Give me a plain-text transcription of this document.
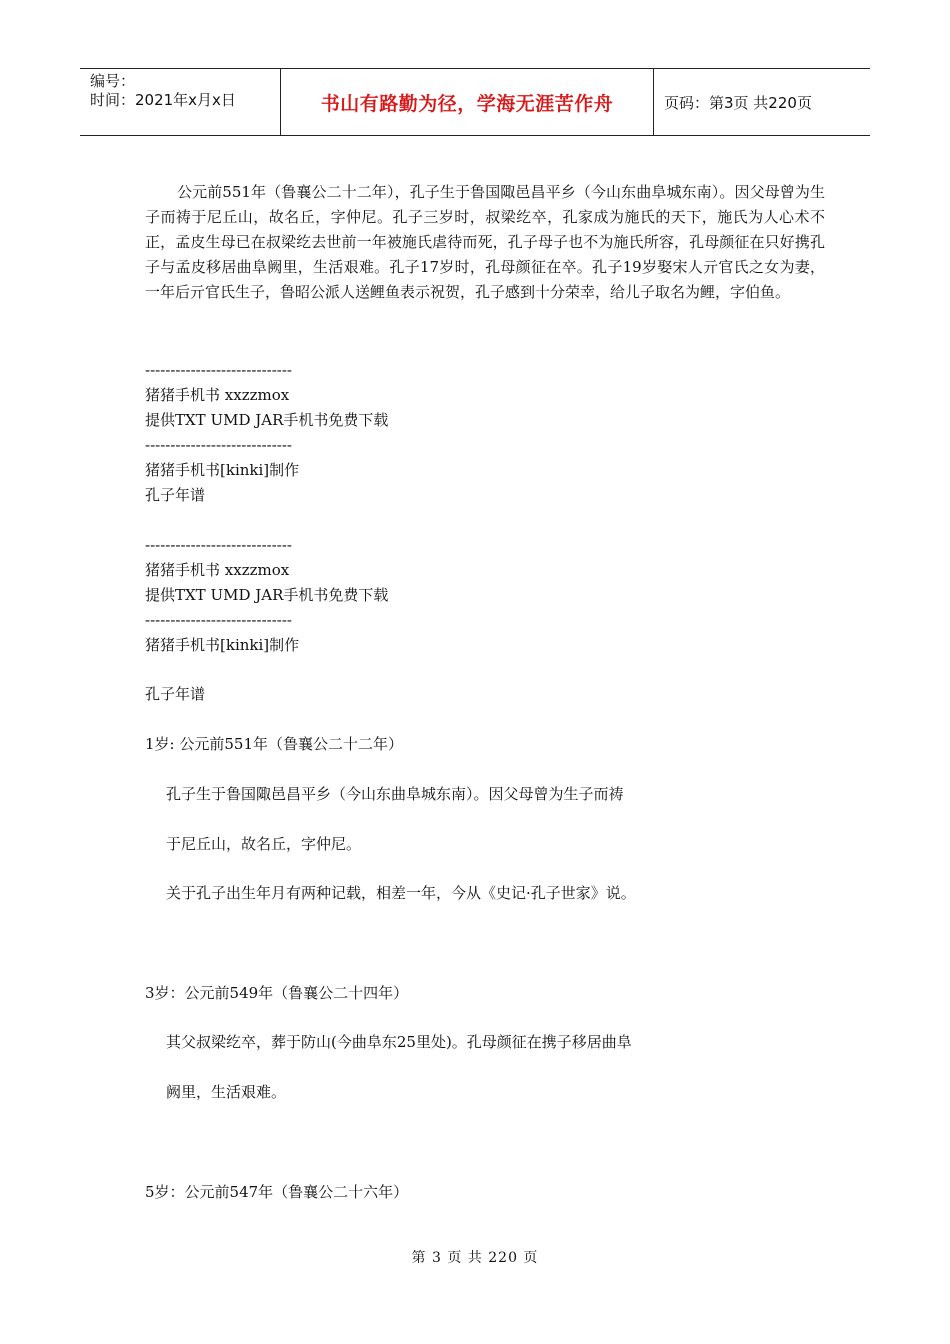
编号：
时间：2021年x月x日	书山有路勤为径，学海无涯苦作舟	页码：第3页 共220页

公元前551年（鲁襄公二十二年），孔子生于鲁国陬邑昌平乡（今山东曲阜城东南）。因父母曾为生子而祷于尼丘山，故名丘，字仲尼。孔子三岁时，叔梁纥卒，孔家成为施氏的天下，施氏为人心术不正，孟皮生母已在叔梁纥去世前一年被施氏虐待而死，孔子母子也不为施氏所容，孔母颜征在只好携孔子与孟皮移居曲阜阙里，生活艰难。孔子17岁时，孔母颜征在卒。孔子19岁娶宋人亓官氏之女为妻，一年后亓官氏生子，鲁昭公派人送鲤鱼表示祝贺，孔子感到十分荣幸，给儿子取名为鲤，字伯鱼。

-----------------------------
猪猪手机书 xxzzmox
提供TXT UMD JAR手机书免费下载
-----------------------------
猪猪手机书[kinki]制作
孔子年谱
-----------------------------
猪猪手机书 xxzzmox
提供TXT UMD JAR手机书免费下载
-----------------------------
猪猪手机书[kinki]制作
孔子年谱
1岁: 公元前551年（鲁襄公二十二年）
孔子生于鲁国陬邑昌平乡（今山东曲阜城东南）。因父母曾为生子而祷
于尼丘山，故名丘，字仲尼。
关于孔子出生年月有两种记载，相差一年，今从《史记·孔子世家》说。
3岁：公元前549年（鲁襄公二十四年）
其父叔梁纥卒，葬于防山(今曲阜东25里处)。孔母颜征在携子移居曲阜
阙里，生活艰难。
5岁：公元前547年（鲁襄公二十六年）
第 3 页 共 220 页
